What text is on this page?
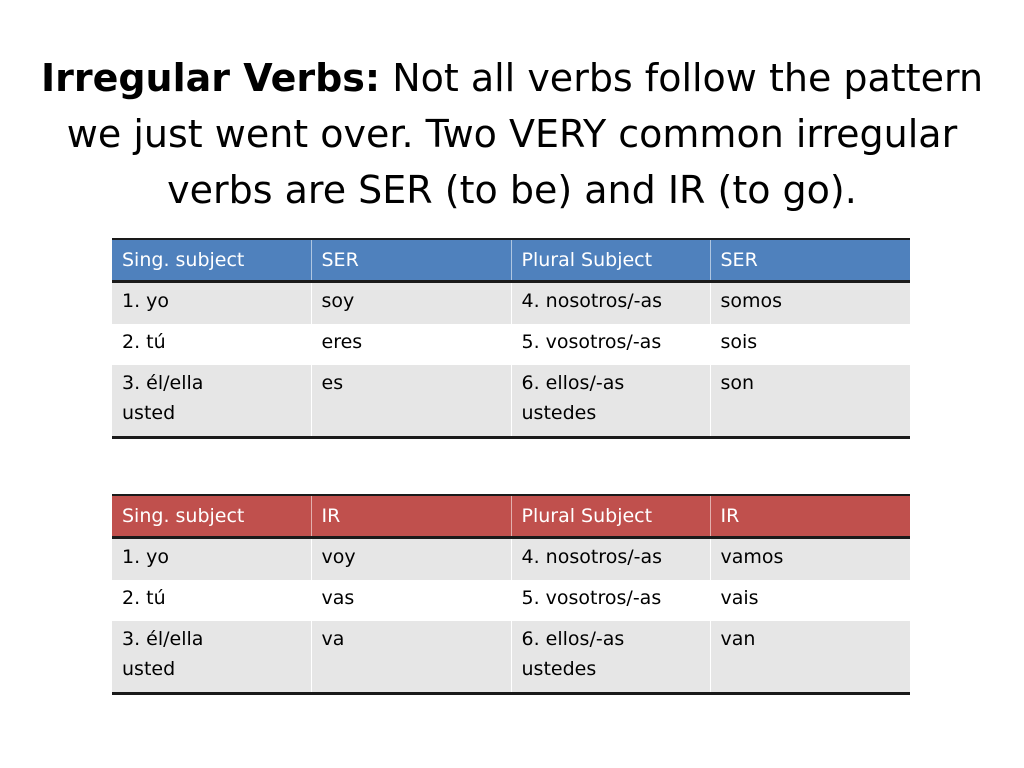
Irregular Verbs: Not all verbs follow the pattern we just went over. Two VERY common irregular verbs are SER (to be) and IR (to go).
Sing. subject	SER	Plural Subject	SER

1. yo	soy	4. nosotros/-as	somos

2. tú	eres	5. vosotros/-as	sois

3. él/ella
usted	es	6. ellos/-as
ustedes	son
Sing. subject	IR	Plural Subject	IR

1. yo	voy	4. nosotros/-as	vamos

2. tú	vas	5. vosotros/-as	vais

3. él/ella
usted	va	6. ellos/-as
ustedes	van
